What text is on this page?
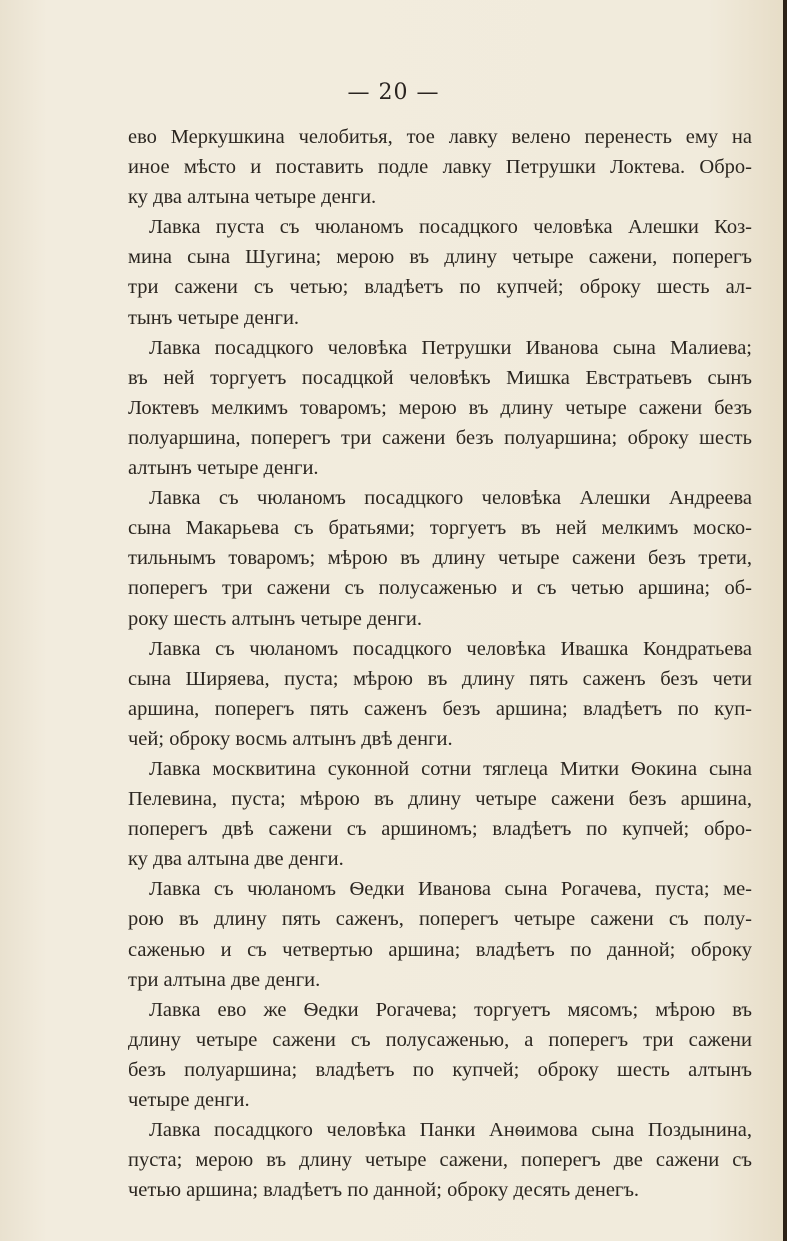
— 20 —
ево Меркушкина челобитья, тое лавку велено перенесть ему на
иное мѣсто и поставить подле лавку Петрушки Локтева. Обро-
ку два алтына четыре денги.
Лавка пуста съ чюланомъ посадцкого человѣка Алешки Коз-
мина сына Шугина; мерою въ длину четыре сажени, поперегъ
три сажени съ четью; владѣетъ по купчей; оброку шесть ал-
тынъ четыре денги.
Лавка посадцкого человѣка Петрушки Иванова сына Малиева;
въ ней торгуетъ посадцкой человѣкъ Мишка Евстратьевъ сынъ
Локтевъ мелкимъ товаромъ; мерою въ длину четыре сажени безъ
полуаршина, поперегъ три сажени безъ полуаршина; оброку шесть
алтынъ четыре денги.
Лавка съ чюланомъ посадцкого человѣка Алешки Андреева
сына Макарьева съ братьями; торгуетъ въ ней мелкимъ моско-
тильнымъ товаромъ; мѣрою въ длину четыре сажени безъ трети,
поперегъ три сажени съ полусаженью и съ четью аршина; об-
року шесть алтынъ четыре денги.
Лавка съ чюланомъ посадцкого человѣка Ивашка Кондратьева
сына Ширяева, пуста; мѣрою въ длину пять саженъ безъ чети
аршина, поперегъ пять саженъ безъ аршина; владѣетъ по куп-
чей; оброку восмь алтынъ двѣ денги.
Лавка москвитина суконной сотни тяглеца Митки Ѳокина сына
Пелевина, пуста; мѣрою въ длину четыре сажени безъ аршина,
поперегъ двѣ сажени съ аршиномъ; владѣетъ по купчей; обро-
ку два алтына две денги.
Лавка съ чюланомъ Ѳедки Иванова сына Рогачева, пуста; ме-
рою въ длину пять саженъ, поперегъ четыре сажени съ полу-
саженью и съ четвертью аршина; владѣетъ по данной; оброку
три алтына две денги.
Лавка ево же Ѳедки Рогачева; торгуетъ мясомъ; мѣрою въ
длину четыре сажени съ полусаженью, а поперегъ три сажени
безъ полуаршина; владѣетъ по купчей; оброку шесть алтынъ
четыре денги.
Лавка посадцкого человѣка Панки Анѳимова сына Поздынина,
пуста; мерою въ длину четыре сажени, поперегъ две сажени съ
четью аршина; владѣетъ по данной; оброку десять денегъ.
